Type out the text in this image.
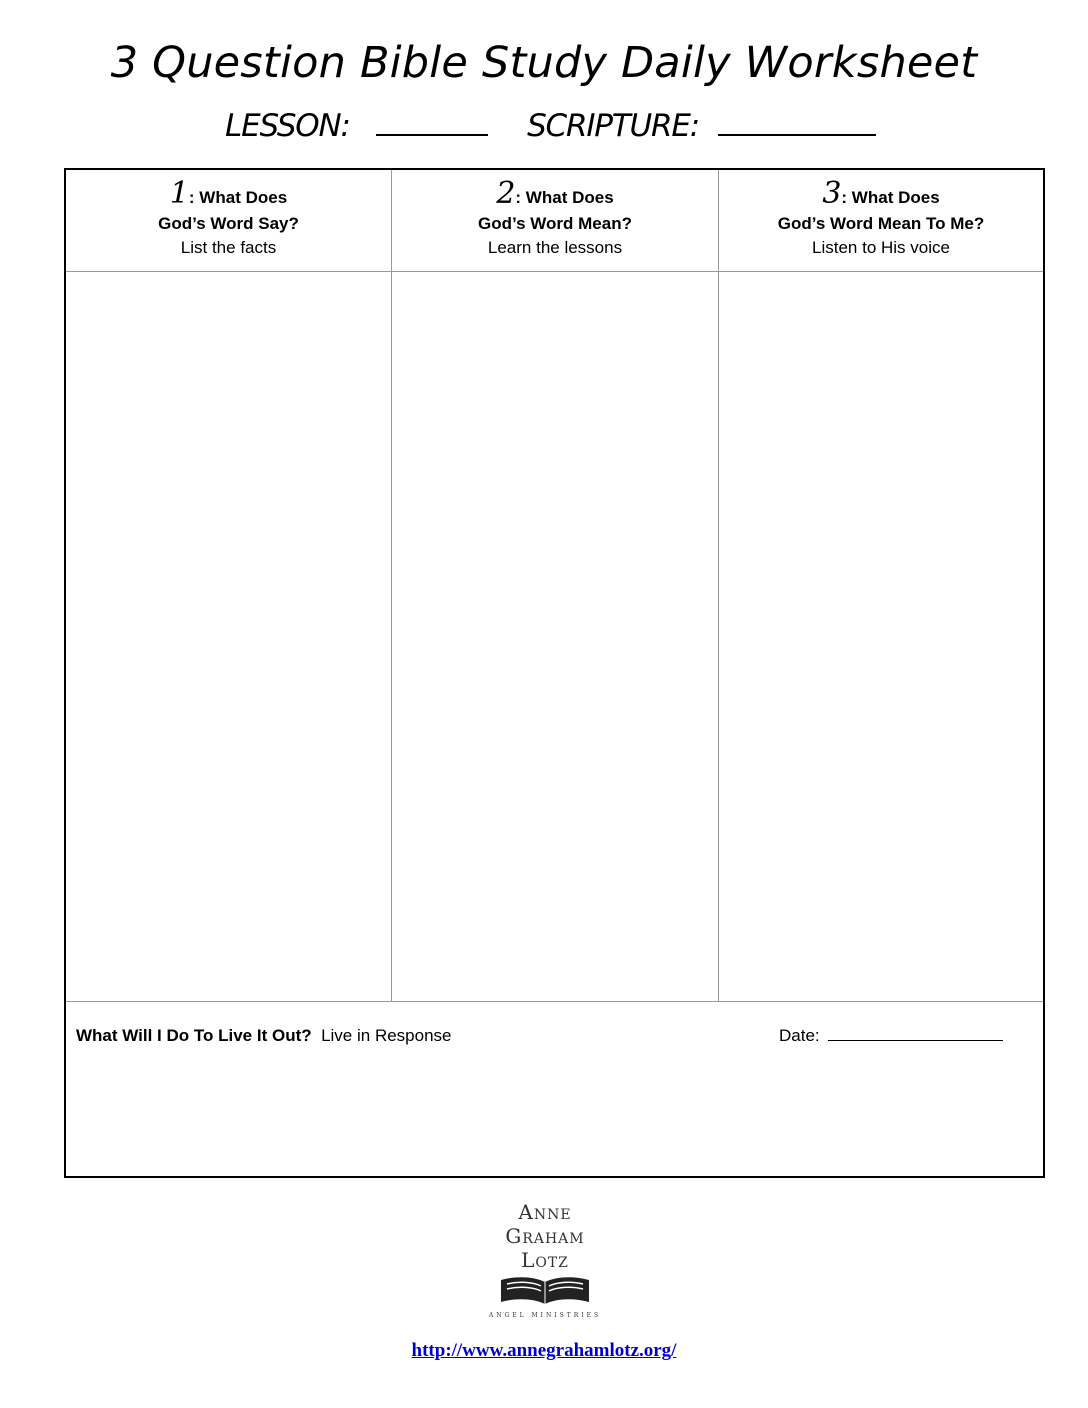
3 Question Bible Study Daily Worksheet
LESSON:	SCRIPTURE:
1: What Does
God’s Word Say?
List the facts
2: What Does
God’s Word Mean?
Learn the lessons
3: What Does
God’s Word Mean To Me?
Listen to His voice
What Will I Do To Live It Out? Live in Response	Date:
Anne
Graham
Lotz
ANGEL MINISTRIES
http://www.annegrahamlotz.org/
